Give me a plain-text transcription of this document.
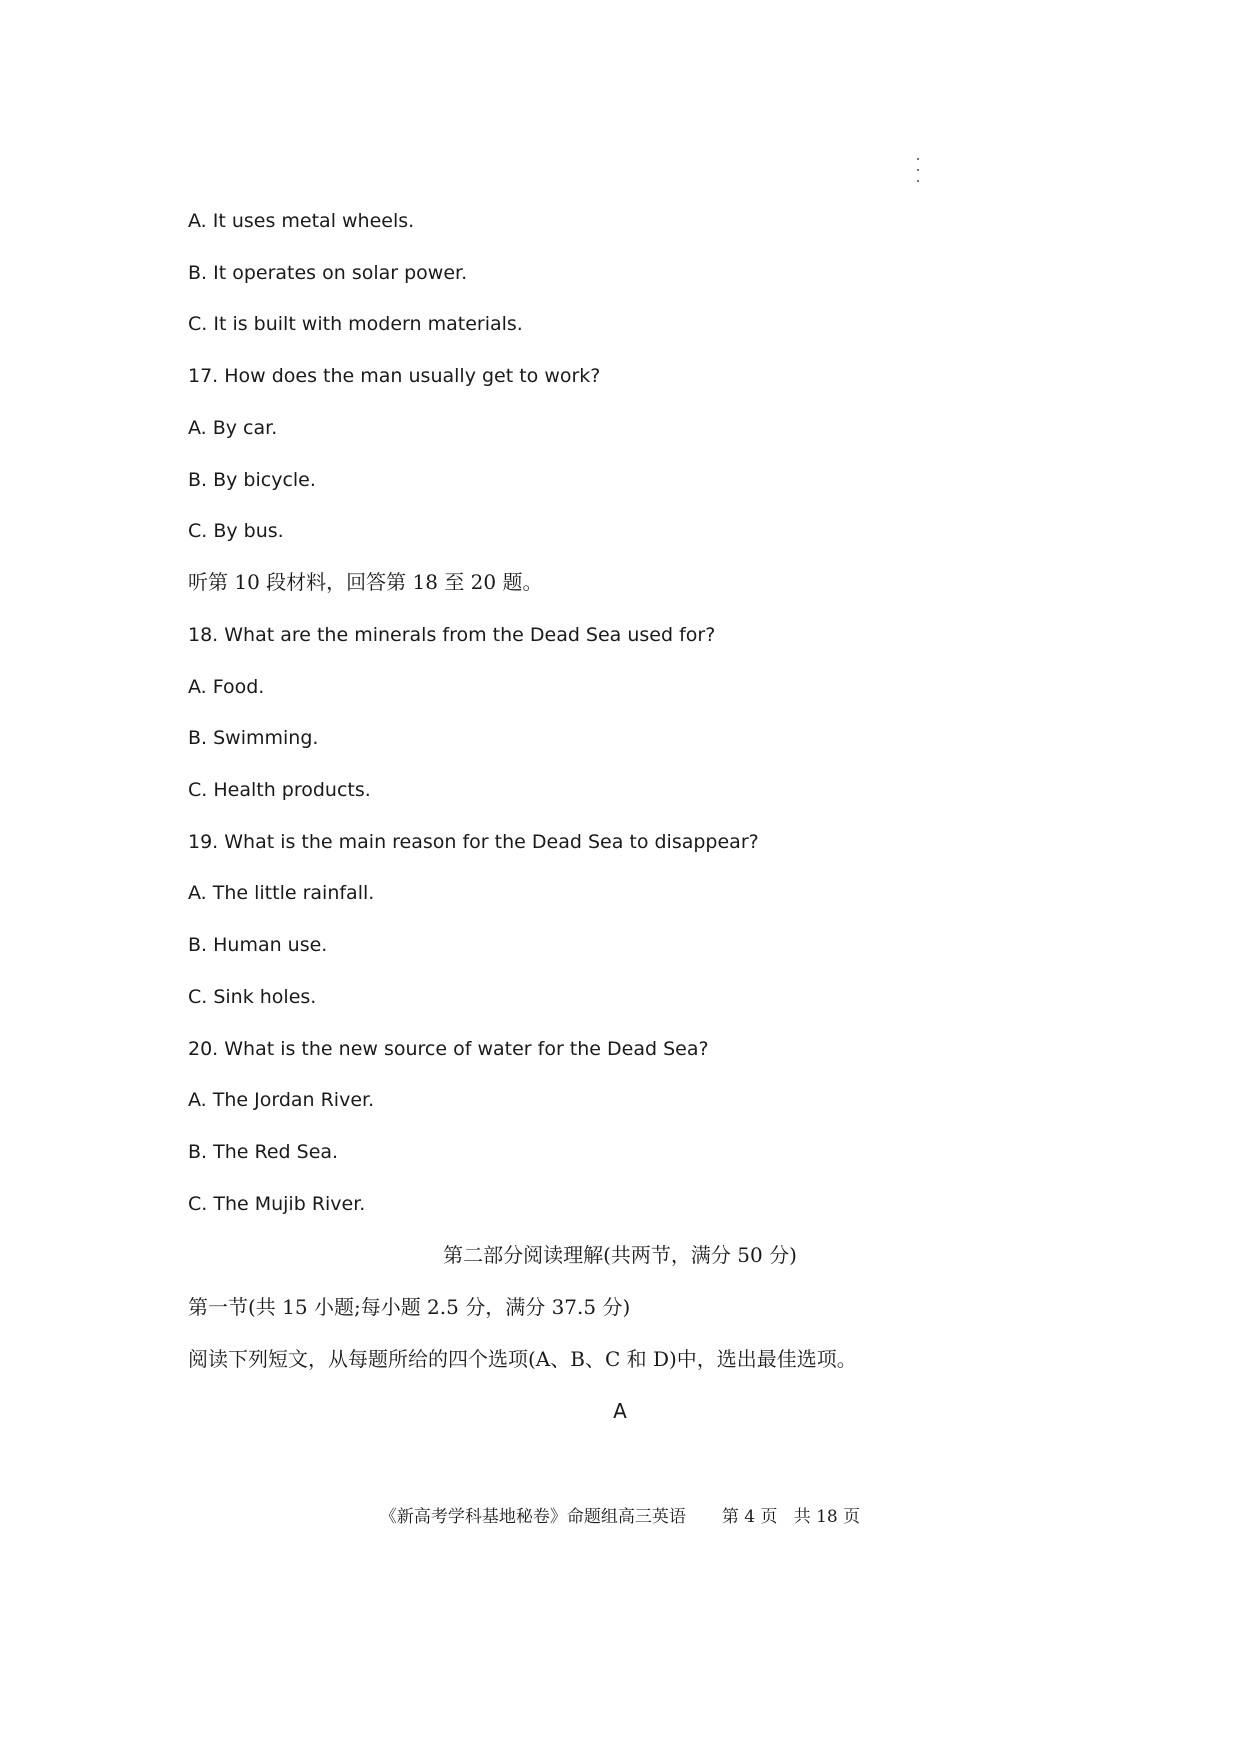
A. It uses metal wheels.
B. It operates on solar power.
C. It is built with modern materials.
17. How does the man usually get to work?
A. By car.
B. By bicycle.
C. By bus.
听第 10 段材料，回答第 18 至 20 题。
18. What are the minerals from the Dead Sea used for?
A. Food.
B. Swimming.
C. Health products.
19. What is the main reason for the Dead Sea to disappear?
A. The little rainfall.
B. Human use.
C. Sink holes.
20. What is the new source of water for the Dead Sea?
A. The Jordan River.
B. The Red Sea.
C. The Mujib River.
第二部分阅读理解(共两节，满分 50 分)
第一节(共 15 小题;每小题 2.5 分，满分 37.5 分)
阅读下列短文，从每题所给的四个选项(A、B、C 和 D)中，选出最佳选项。
A
《新高考学科基地秘卷》命题组高三英语 第 4 页 共 18 页
